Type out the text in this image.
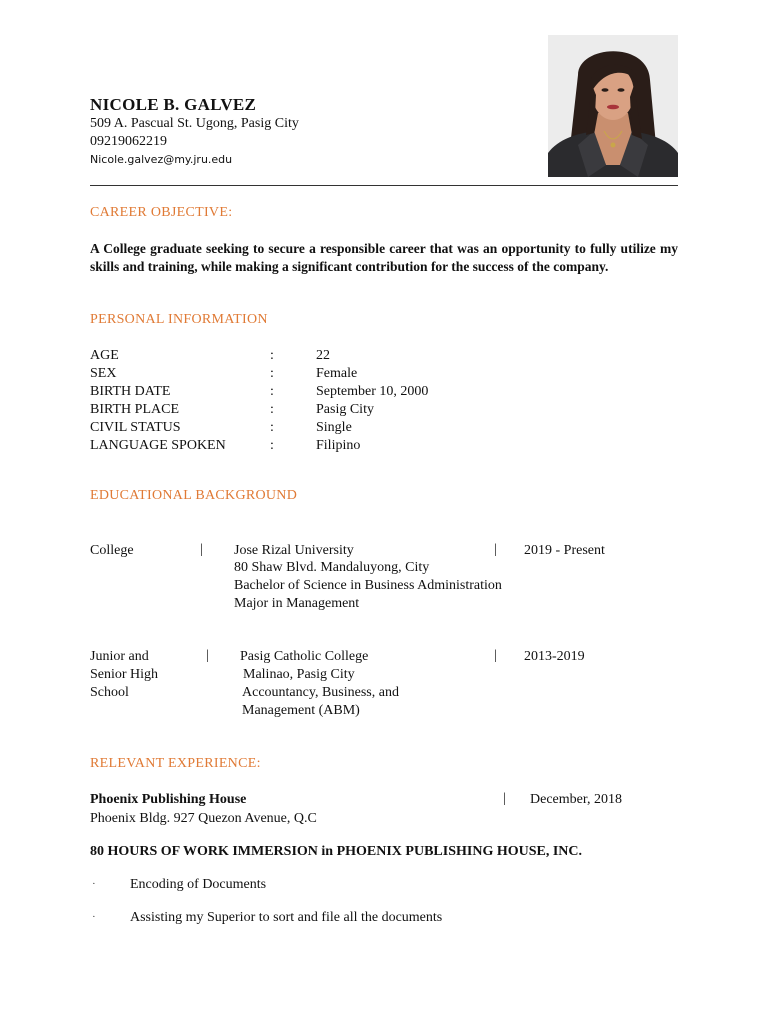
NICOLE B. GALVEZ
509 A. Pascual St. Ugong, Pasig City
09219062219
Nicole.galvez@my.jru.edu
CAREER OBJECTIVE:
A College graduate seeking to secure a responsible career that was an opportunity to fully utilize my skills and training, while making a significant contribution for the success of the company.
PERSONAL INFORMATION
AGE	:	22
SEX	:	Female
BIRTH DATE	:	September 10, 2000
BIRTH PLACE	:	Pasig City
CIVIL STATUS	:	Single
LANGUAGE SPOKEN	:	Filipino
EDUCATIONAL BACKGROUND
College	| Jose Rizal University
80 Shaw Blvd. Mandaluyong, City
Bachelor of Science in Business Administration
Major in Management
| 2019 - Present
Junior and
Senior High
School
| Pasig Catholic College
Malinao, Pasig City
Accountancy, Business, and
Management (ABM)
| 2013-2019
RELEVANT EXPERIENCE:
Phoenix Publishing House	| December, 2018
Phoenix Bldg. 927 Quezon Avenue, Q.C
80 HOURS OF WORK IMMERSION in PHOENIX PUBLISHING HOUSE, INC.
· Encoding of Documents
· Assisting my Superior to sort and file all the documents
